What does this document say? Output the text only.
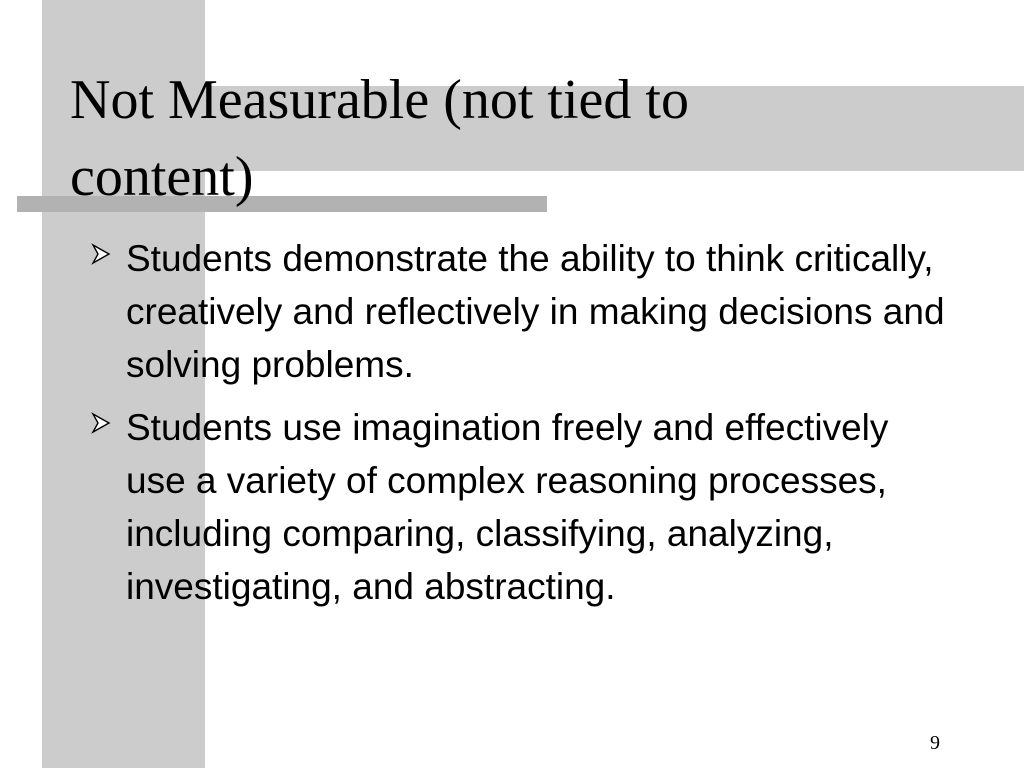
Not Measurable (not tied to content)
Students demonstrate the ability to think critically, creatively and reflectively in making decisions and solving problems.
Students use imagination freely and effectively use a variety of complex reasoning processes, including comparing, classifying, analyzing, investigating, and abstracting.
9
